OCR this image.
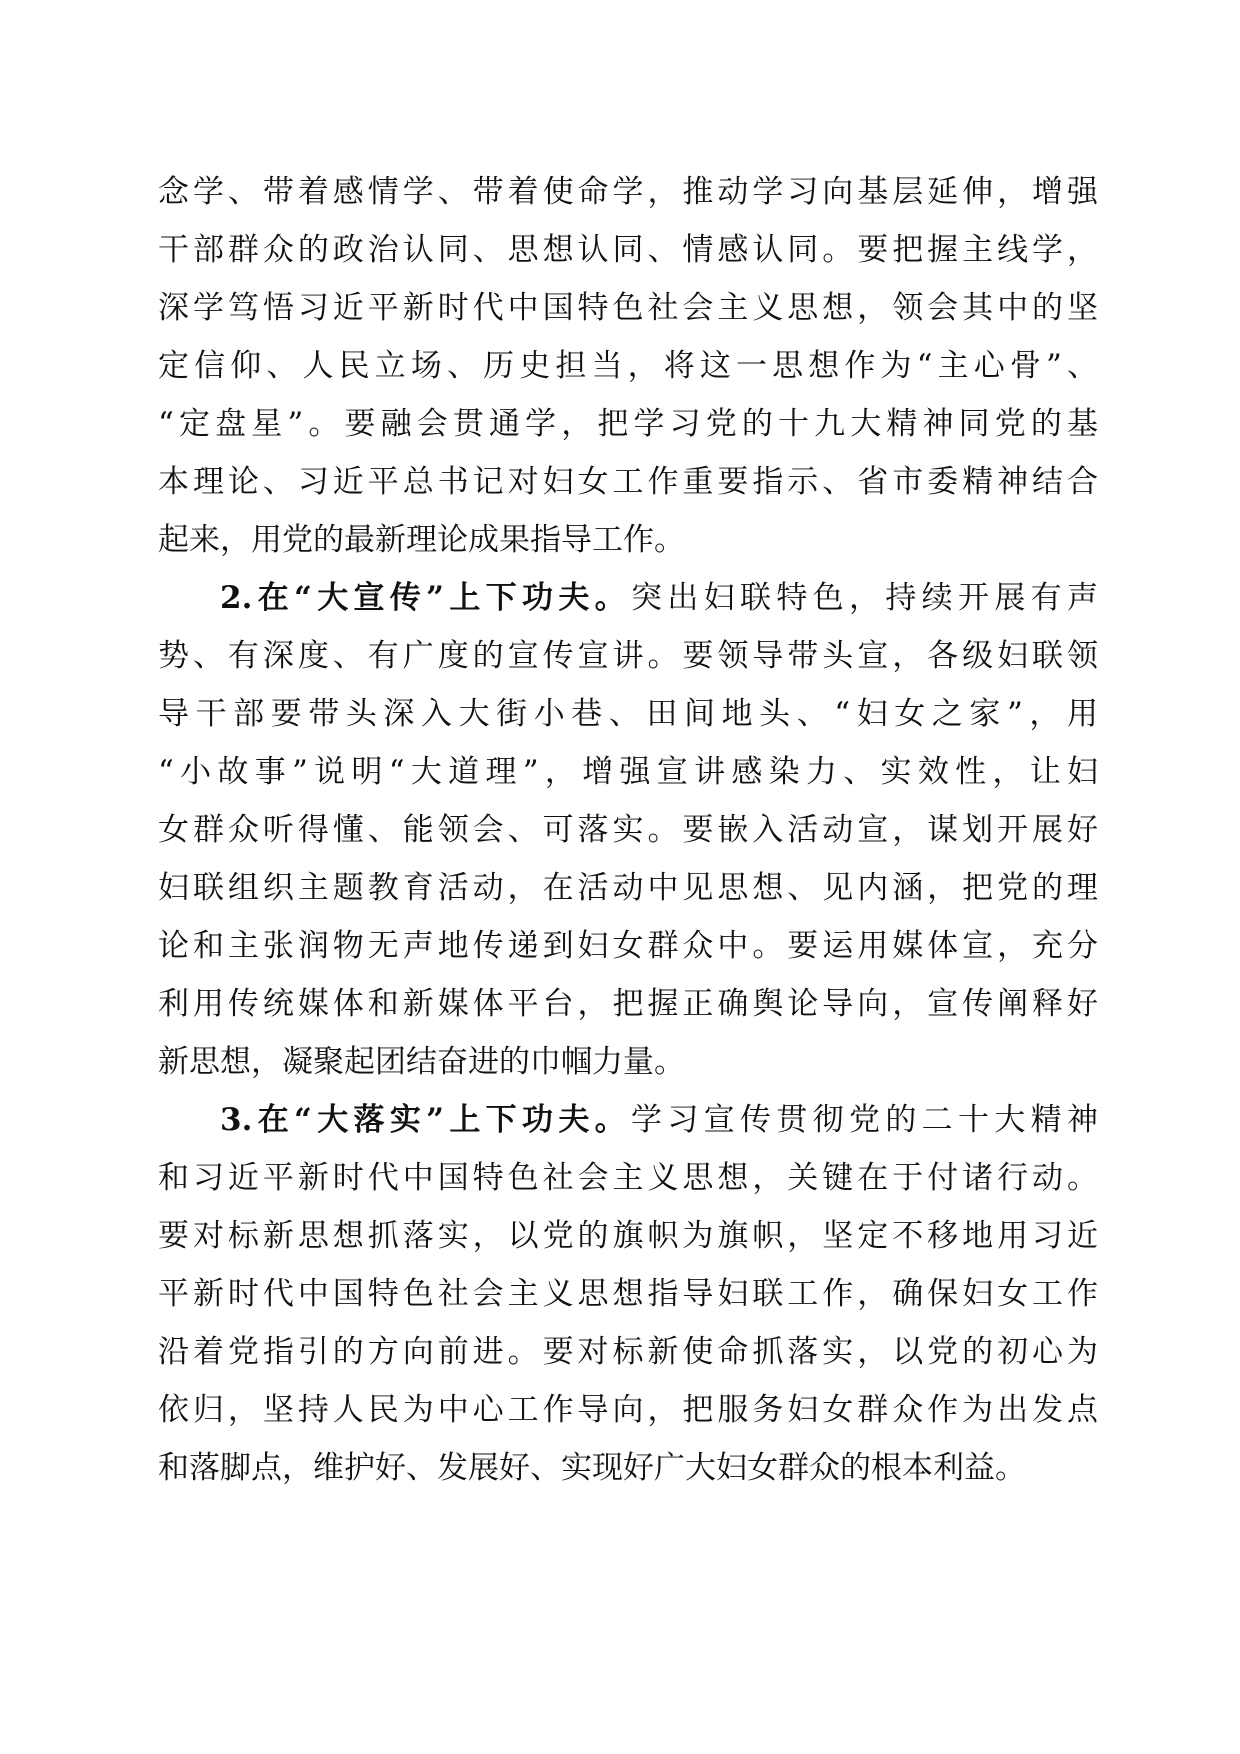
念学、带着感情学、带着使命学，推动学习向基层延伸，增强
干部群众的政治认同、思想认同、情感认同。要把握主线学，
深学笃悟习近平新时代中国特色社会主义思想，领会其中的坚
定信仰、人民立场、历史担当，将这一思想作为“主心骨”、
“定盘星”。要融会贯通学，把学习党的十九大精神同党的基
本理论、习近平总书记对妇女工作重要指示、省市委精神结合
起来，用党的最新理论成果指导工作。
2.在“大宣传”上下功夫。突出妇联特色，持续开展有声
势、有深度、有广度的宣传宣讲。要领导带头宣，各级妇联领
导干部要带头深入大街小巷、田间地头、“妇女之家”，用
“小故事”说明“大道理”，增强宣讲感染力、实效性，让妇
女群众听得懂、能领会、可落实。要嵌入活动宣，谋划开展好
妇联组织主题教育活动，在活动中见思想、见内涵，把党的理
论和主张润物无声地传递到妇女群众中。要运用媒体宣，充分
利用传统媒体和新媒体平台，把握正确舆论导向，宣传阐释好
新思想，凝聚起团结奋进的巾帼力量。
3.在“大落实”上下功夫。学习宣传贯彻党的二十大精神
和习近平新时代中国特色社会主义思想，关键在于付诸行动。
要对标新思想抓落实，以党的旗帜为旗帜，坚定不移地用习近
平新时代中国特色社会主义思想指导妇联工作，确保妇女工作
沿着党指引的方向前进。要对标新使命抓落实，以党的初心为
依归，坚持人民为中心工作导向，把服务妇女群众作为出发点
和落脚点，维护好、发展好、实现好广大妇女群众的根本利益。
